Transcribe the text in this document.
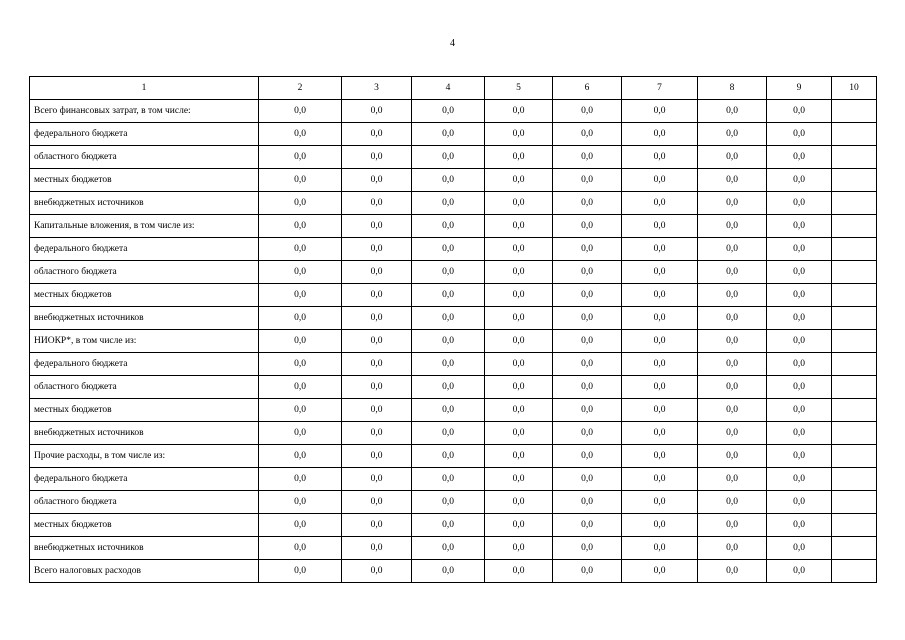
4
1	2	3	4	5	6	7	8	9	10
Всего финансовых затрат, в том числе:	0,0	0,0	0,0	0,0	0,0	0,0	0,0	0,0	
федерального бюджета	0,0	0,0	0,0	0,0	0,0	0,0	0,0	0,0	
областного бюджета	0,0	0,0	0,0	0,0	0,0	0,0	0,0	0,0	
местных бюджетов	0,0	0,0	0,0	0,0	0,0	0,0	0,0	0,0	
внебюджетных источников	0,0	0,0	0,0	0,0	0,0	0,0	0,0	0,0	
Капитальные вложения, в том числе из:	0,0	0,0	0,0	0,0	0,0	0,0	0,0	0,0	
федерального бюджета	0,0	0,0	0,0	0,0	0,0	0,0	0,0	0,0	
областного бюджета	0,0	0,0	0,0	0,0	0,0	0,0	0,0	0,0	
местных бюджетов	0,0	0,0	0,0	0,0	0,0	0,0	0,0	0,0	
внебюджетных источников	0,0	0,0	0,0	0,0	0,0	0,0	0,0	0,0	
НИОКР*, в том числе из:	0,0	0,0	0,0	0,0	0,0	0,0	0,0	0,0	
федерального бюджета	0,0	0,0	0,0	0,0	0,0	0,0	0,0	0,0	
областного бюджета	0,0	0,0	0,0	0,0	0,0	0,0	0,0	0,0	
местных бюджетов	0,0	0,0	0,0	0,0	0,0	0,0	0,0	0,0	
внебюджетных источников	0,0	0,0	0,0	0,0	0,0	0,0	0,0	0,0	
Прочие расходы, в том числе из:	0,0	0,0	0,0	0,0	0,0	0,0	0,0	0,0	
федерального бюджета	0,0	0,0	0,0	0,0	0,0	0,0	0,0	0,0	
областного бюджета	0,0	0,0	0,0	0,0	0,0	0,0	0,0	0,0	
местных бюджетов	0,0	0,0	0,0	0,0	0,0	0,0	0,0	0,0	
внебюджетных источников	0,0	0,0	0,0	0,0	0,0	0,0	0,0	0,0	
Всего налоговых расходов	0,0	0,0	0,0	0,0	0,0	0,0	0,0	0,0	
